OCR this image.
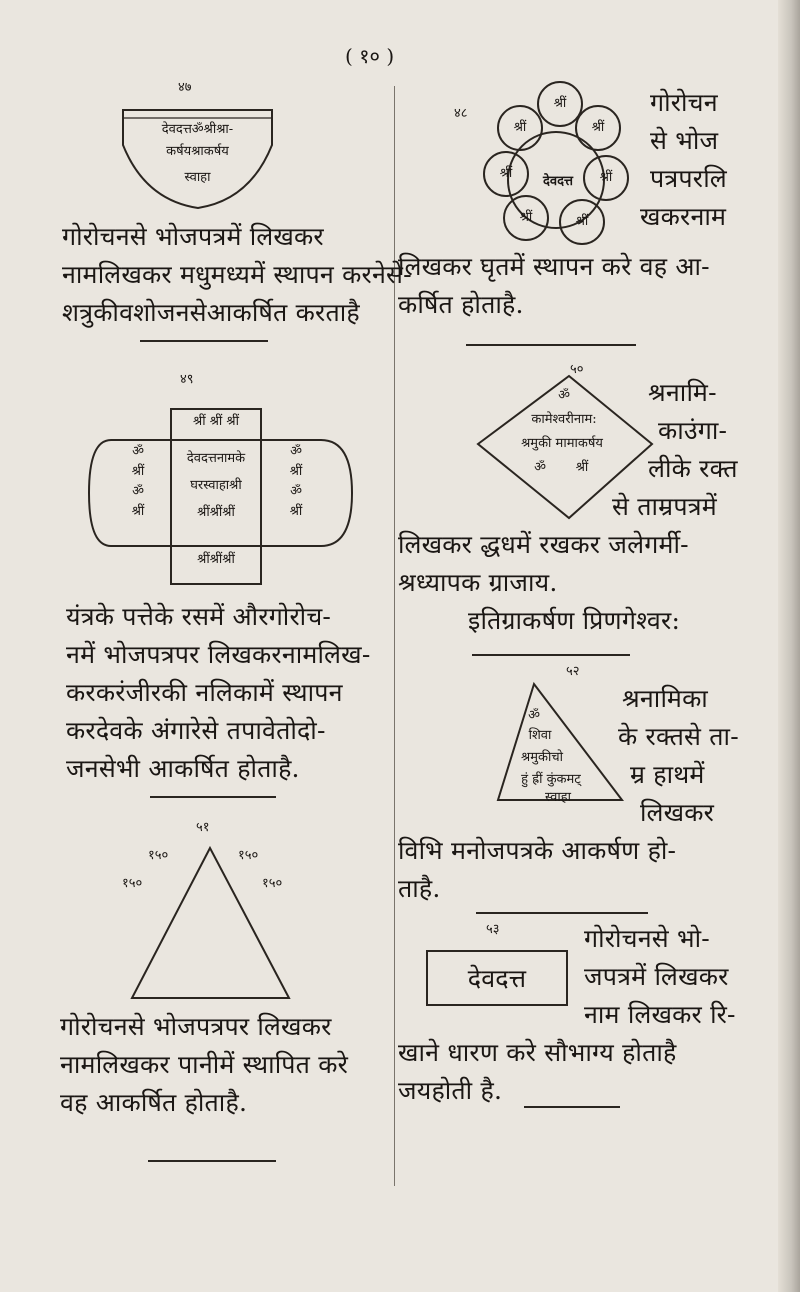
( १० )
४७
देवदत्तॐश्रीश्रा-
कर्षयश्राकर्षय
स्वाहा
गोरोचनसे भोजपत्रमें लिखकर
नामलिखकर मधुमध्यमें स्थापन करनेसे-
शत्रुकीवशोजनसेआकर्षित करताहै
४९
श्रीं श्रीं श्रीं
देवदत्तनामके
घरस्वाहाश्री
श्रींश्रींश्रीं
श्रींश्रींश्रीं
ॐ
श्रीं
ॐ
श्रीं
ॐ
श्रीं
ॐ
श्रीं
यंत्रके पत्तेके रसमें औरगोरोच-
नमें भोजपत्रपर लिखकरनामलिख-
करकरंजीरकी नलिकामें स्थापन
करदेवके अंगारेसे तपावेतोदो-
जनसेभी आकर्षित होताहै.
५१
१५०	१५०
१५०	१५०
गोरोचनसे भोजपत्रपर लिखकर
नामलिखकर पानीमें स्थापित करे
वह आकर्षित होताहै.
४८
श्रीं
श्रीं	श्रीं
श्रीं	श्रीं
श्रीं	श्रीं
देवदत्त
गोरोचन
से भोज
पत्रपरलि
खकरनाम
लिखकर घृतमें स्थापन करे वह आ-
कर्षित होताहै.
५०
ॐ
कामेश्वरीनाम:
श्रमुकी मामाकर्षय
ॐ	श्रीं
श्रनामि-
काउंगा-
लीके रक्त
से ताम्रपत्रमें
लिखकर द्धधमें रखकर जलेगर्मी-
श्रध्यापक ग्राजाय.
इतिग्राकर्षण प्रिणगेश्वर:
५२
ॐ
शिवा
श्रमुकीचो
हुं ह्रीं कुंकमट्
स्वाहा
श्रनामिका
के रक्तसे ता-
म्र हाथमें
लिखकर
विभि मनोजपत्रके आकर्षण हो-
ताहै.
५३
देवदत्त
गोरोचनसे भो-
जपत्रमें लिखकर
नाम लिखकर रि-
खाने धारण करे सौभाग्य होताहै
जयहोती है.
